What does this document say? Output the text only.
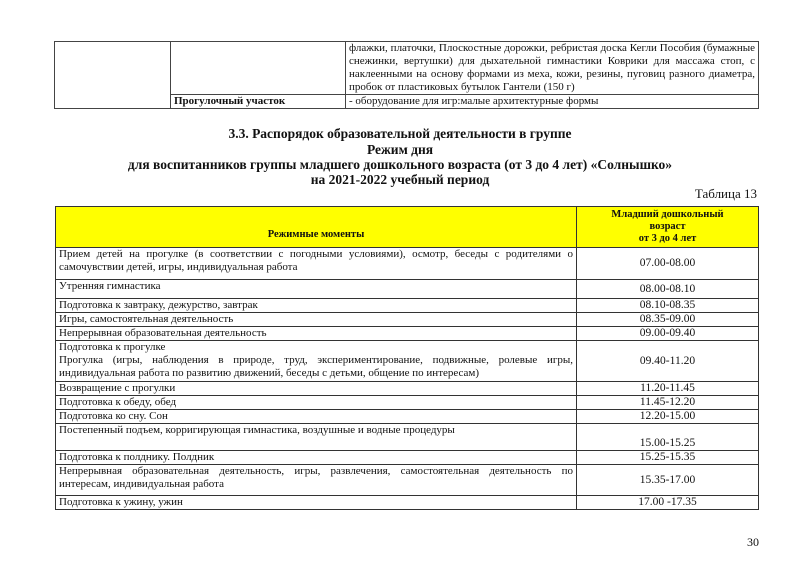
		флажки, платочки, Плоскостные дорожки, ребристая доска Кегли Пособия (бумажные снежинки, вертушки) для дыхательной гимнастики Коврики для массажа стоп, с наклеенными на основу формами из меха, кожи, резины, пуговиц разного диаметра, пробок от пластиковых бутылок Гантели (150 г)
	Прогулочный участок	- оборудование для игр:малые архитектурные формы
3.3. Распорядок образовательной деятельности в группе
Режим дня
для воспитанников группы младшего дошкольного возраста (от 3 до 4 лет) «Солнышко»
на 2021-2022 учебный период
Таблица 13
Режимные моменты	Младший дошкольный
возраст
от 3 до 4 лет

Прием детей на прогулке (в соответствии с погодными условиями), осмотр, беседы с родителями о самочувствии детей, игры, индивидуальная работа	07.00-08.00
Утренняя гимнастика	08.00-08.10
Подготовка к завтраку, дежурство, завтрак	08.10-08.35
Игры, самостоятельная деятельность	08.35-09.00
Непрерывная образовательная деятельность	09.00-09.40

Подготовка к прогулке
Прогулка (игры, наблюдения в природе, труд, экспериментирование, подвижные, ролевые игры, индивидуальная работа по развитию движений, беседы с детьми, общение по интересам)	09.40-11.20
Возвращение с прогулки	11.20-11.45
Подготовка к обеду, обед	11.45-12.20
Подготовка ко сну. Сон	12.20-15.00
Постепенный подъем, корригирующая гимнастика, воздушные и водные процедуры	15.00-15.25
Подготовка к полднику. Полдник	15.25-15.35
Непрерывная образовательная деятельность, игры, развлечения, самостоятельная деятельность по интересам, индивидуальная работа	15.35-17.00
Подготовка к ужину, ужин	17.00 -17.35
30
